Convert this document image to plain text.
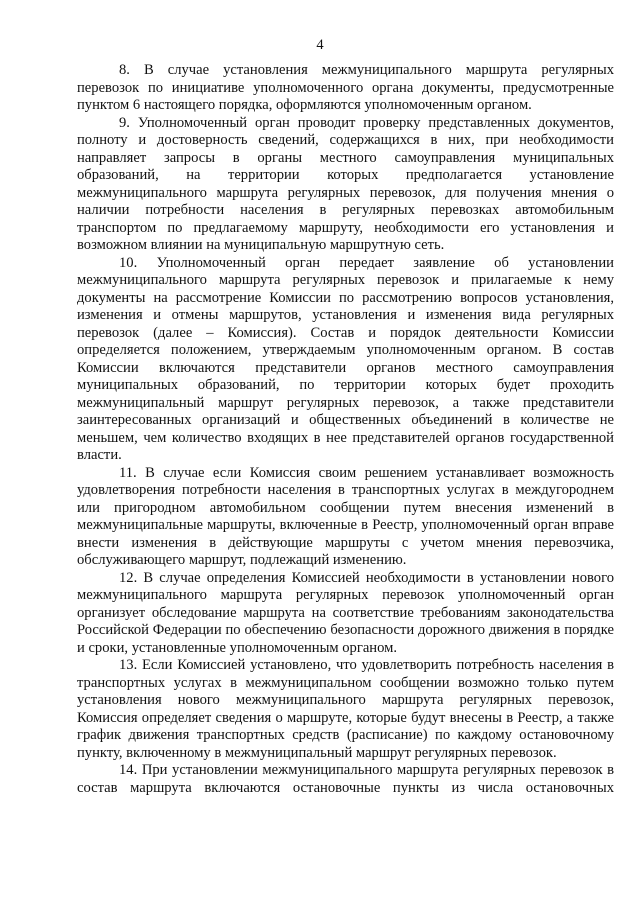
4

8. В случае установления межмуниципального маршрута регулярных перевозок по инициативе уполномоченного органа документы, предусмотренные пунктом 6 настоящего порядка, оформляются уполномоченным органом.

9. Уполномоченный орган проводит проверку представленных документов, полноту и достоверность сведений, содержащихся в них, при необходимости направляет запросы в органы местного самоуправления муниципальных образований, на территории которых предполагается установление межмуниципального маршрута регулярных перевозок, для получения мнения о наличии потребности населения в регулярных перевозках автомобильным транспортом по предлагаемому маршруту, необходимости его установления и возможном влиянии на муниципальную маршрутную сеть.

10. Уполномоченный орган передает заявление об установлении межмуниципального маршрута регулярных перевозок и прилагаемые к нему документы на рассмотрение Комиссии по рассмотрению вопросов установления, изменения и отмены маршрутов, установления и изменения вида регулярных перевозок (далее – Комиссия). Состав и порядок деятельности Комиссии определяется положением, утверждаемым уполномоченным органом. В состав Комиссии включаются представители органов местного самоуправления муниципальных образований, по территории которых будет проходить межмуниципальный маршрут регулярных перевозок, а также представители заинтересованных организаций и общественных объединений в количестве не меньшем, чем количество входящих в нее представителей органов государственной власти.

11. В случае если Комиссия своим решением устанавливает возможность удовлетворения потребности населения в транспортных услугах в междугороднем или пригородном автомобильном сообщении путем внесения изменений в межмуниципальные маршруты, включенные в Реестр, уполномоченный орган вправе внести изменения в действующие маршруты с учетом мнения перевозчика, обслуживающего маршрут, подлежащий изменению.

12. В случае определения Комиссией необходимости в установлении нового межмуниципального маршрута регулярных перевозок уполномоченный орган организует обследование маршрута на соответствие требованиям законодательства Российской Федерации по обеспечению безопасности дорожного движения в порядке и сроки, установленные уполномоченным органом.

13. Если Комиссией установлено, что удовлетворить потребность населения в транспортных услугах в межмуниципальном сообщении возможно только путем установления нового межмуниципального маршрута регулярных перевозок, Комиссия определяет сведения о маршруте, которые будут внесены в Реестр, а также график движения транспортных средств (расписание) по каждому остановочному пункту, включенному в межмуниципальный маршрут регулярных перевозок.

14. При установлении межмуниципального маршрута регулярных перевозок в состав маршрута включаются остановочные пункты из числа остановочных
